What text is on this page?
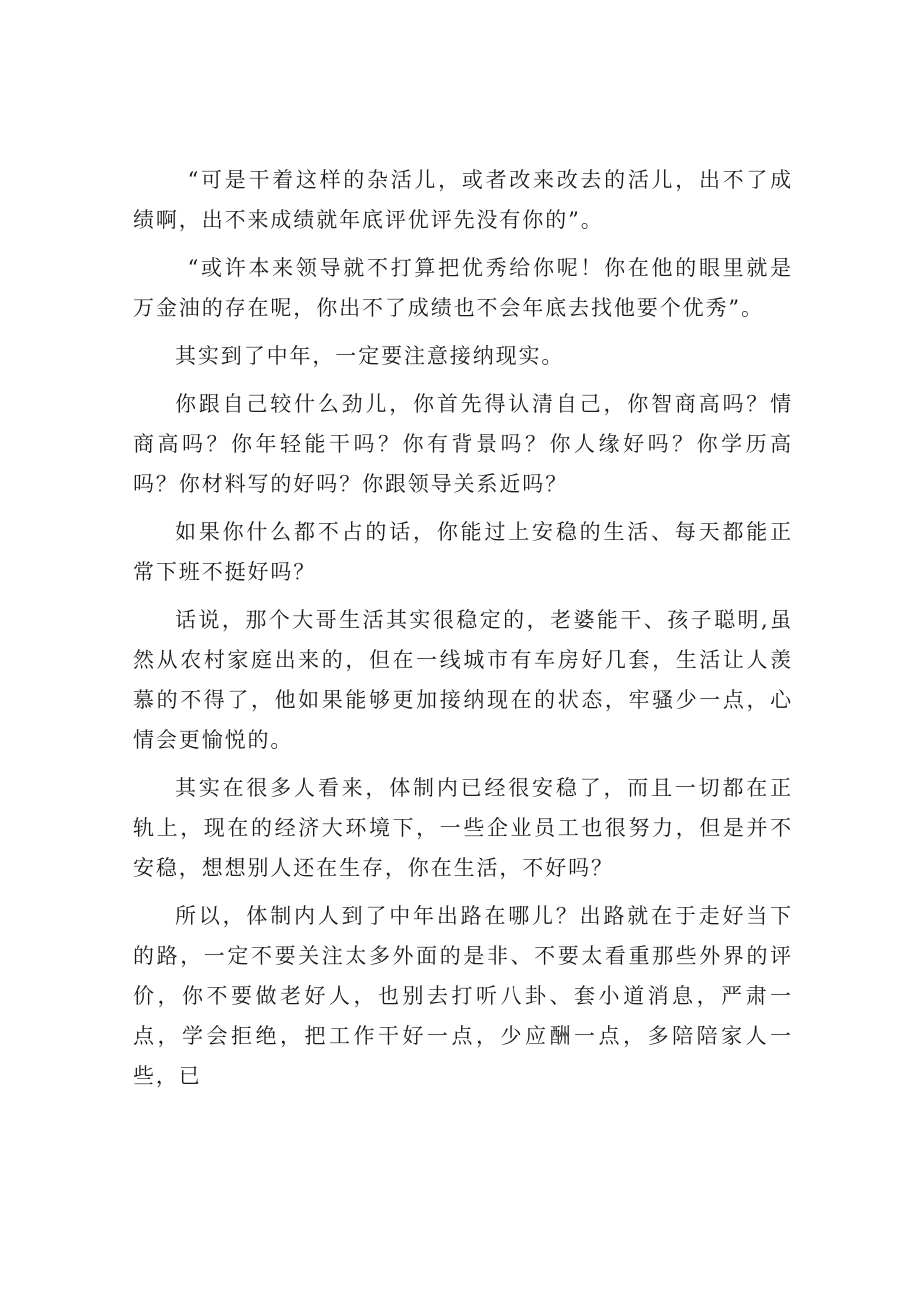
“可是干着这样的杂活儿，或者改来改去的活儿，出不了成绩啊，出不来成绩就年底评优评先没有你的”。

“或许本来领导就不打算把优秀给你呢！你在他的眼里就是万金油的存在呢，你出不了成绩也不会年底去找他要个优秀”。

其实到了中年，一定要注意接纳现实。

你跟自己较什么劲儿，你首先得认清自己，你智商高吗？情商高吗？你年轻能干吗？你有背景吗？你人缘好吗？你学历高吗？你材料写的好吗？你跟领导关系近吗？

如果你什么都不占的话，你能过上安稳的生活、每天都能正常下班不挺好吗？

话说，那个大哥生活其实很稳定的，老婆能干、孩子聪明,虽然从农村家庭出来的，但在一线城市有车房好几套，生活让人羡慕的不得了，他如果能够更加接纳现在的状态，牢骚少一点，心情会更愉悦的。

其实在很多人看来，体制内已经很安稳了，而且一切都在正轨上，现在的经济大环境下，一些企业员工也很努力，但是并不安稳，想想别人还在生存，你在生活，不好吗？

所以，体制内人到了中年出路在哪儿？出路就在于走好当下的路，一定不要关注太多外面的是非、不要太看重那些外界的评价，你不要做老好人，也别去打听八卦、套小道消息，严肃一点，学会拒绝，把工作干好一点，少应酬一点，多陪陪家人一些，已
